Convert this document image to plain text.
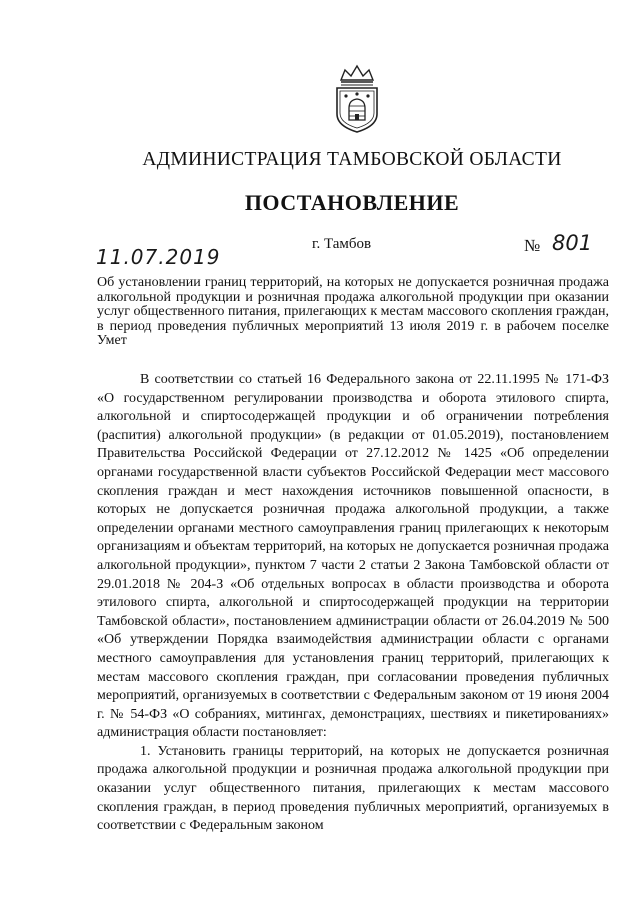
АДМИНИСТРАЦИЯ ТАМБОВСКОЙ ОБЛАСТИ
ПОСТАНОВЛЕНИЕ
11.07.2019
г. Тамбов	№ 801
Об установлении границ территорий, на которых не допускается розничная продажа алкогольной продукции и розничная продажа алкогольной продукции при оказании услуг общественного питания, прилегающих к местам массового скопления граждан, в период проведения публичных мероприятий 13 июля 2019 г. в рабочем поселке Умет

В соответствии со статьей 16 Федерального закона от 22.11.1995 № 171-ФЗ «О государственном регулировании производства и оборота этилового спирта, алкогольной и спиртосодержащей продукции и об ограничении потребления (распития) алкогольной продукции» (в редакции от 01.05.2019), постановлением Правительства Российской Федерации от 27.12.2012 № 1425 «Об определении органами государственной власти субъектов Российской Федерации мест массового скопления граждан и мест нахождения источников повышенной опасности, в которых не допускается розничная продажа алкогольной продукции, а также определении органами местного самоуправления границ прилегающих к некоторым организациям и объектам территорий, на которых не допускается розничная продажа алкогольной продукции», пунктом 7 части 2 статьи 2 Закона Тамбовской области от 29.01.2018 № 204-З «Об отдельных вопросах в области производства и оборота этилового спирта, алкогольной и спиртосодержащей продукции на территории Тамбовской области», постановлением администрации области от 26.04.2019 № 500 «Об утверждении Порядка взаимодействия администрации области с органами местного самоуправления для установления границ территорий, прилегающих к местам массового скопления граждан, при согласовании проведения публичных мероприятий, организуемых в соответствии с Федеральным законом от 19 июня 2004 г. № 54-ФЗ «О собраниях, митингах, демонстрациях, шествиях и пикетированиях» администрация области постановляет:

1. Установить границы территорий, на которых не допускается розничная продажа алкогольной продукции и розничная продажа алкогольной продукции при оказании услуг общественного питания, прилегающих к местам массового скопления граждан, в период проведения публичных мероприятий, организуемых в соответствии с Федеральным законом
